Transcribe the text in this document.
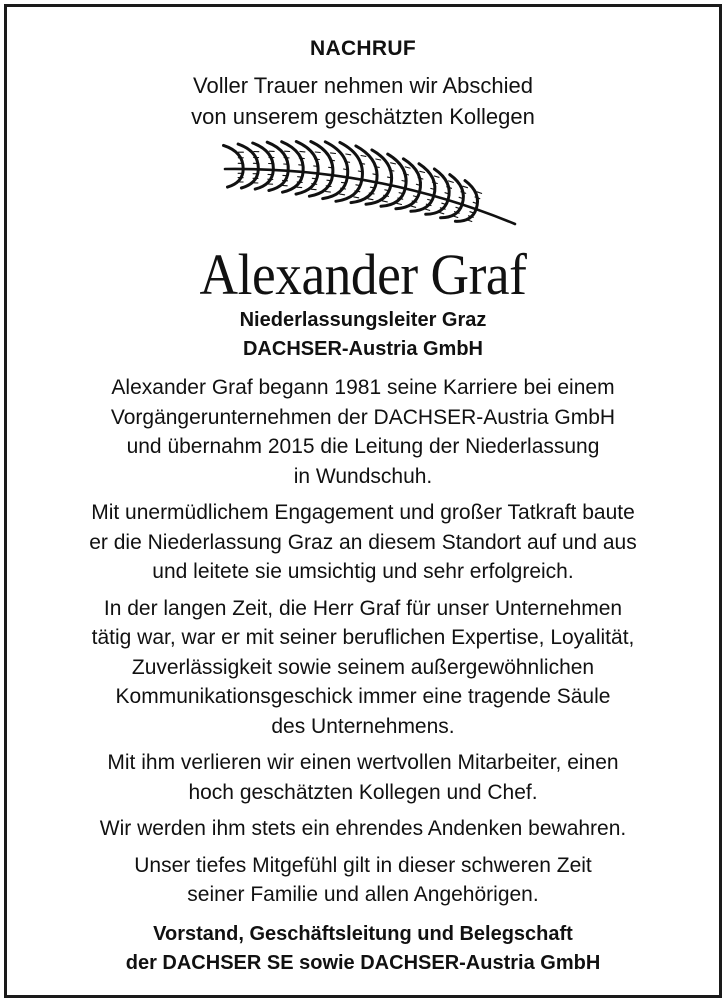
NACHRUF
Voller Trauer nehmen wir Abschied
von unserem geschätzten Kollegen
Alexander Graf
Niederlassungsleiter Graz
DACHSER-Austria GmbH

Alexander Graf begann 1981 seine Karriere bei einem
Vorgängerunternehmen der DACHSER-Austria GmbH
und übernahm 2015 die Leitung der Niederlassung
in Wundschuh.

Mit unermüdlichem Engagement und großer Tatkraft baute
er die Niederlassung Graz an diesem Standort auf und aus
und leitete sie umsichtig und sehr erfolgreich.

In der langen Zeit, die Herr Graf für unser Unternehmen
tätig war, war er mit seiner beruflichen Expertise, Loyalität,
Zuverlässigkeit sowie seinem außergewöhnlichen
Kommunikationsgeschick immer eine tragende Säule
des Unternehmens.

Mit ihm verlieren wir einen wertvollen Mitarbeiter, einen
hoch geschätzten Kollegen und Chef.

Wir werden ihm stets ein ehrendes Andenken bewahren.

Unser tiefes Mitgefühl gilt in dieser schweren Zeit
seiner Familie und allen Angehörigen.

Vorstand, Geschäftsleitung und Belegschaft
der DACHSER SE sowie DACHSER-Austria GmbH
